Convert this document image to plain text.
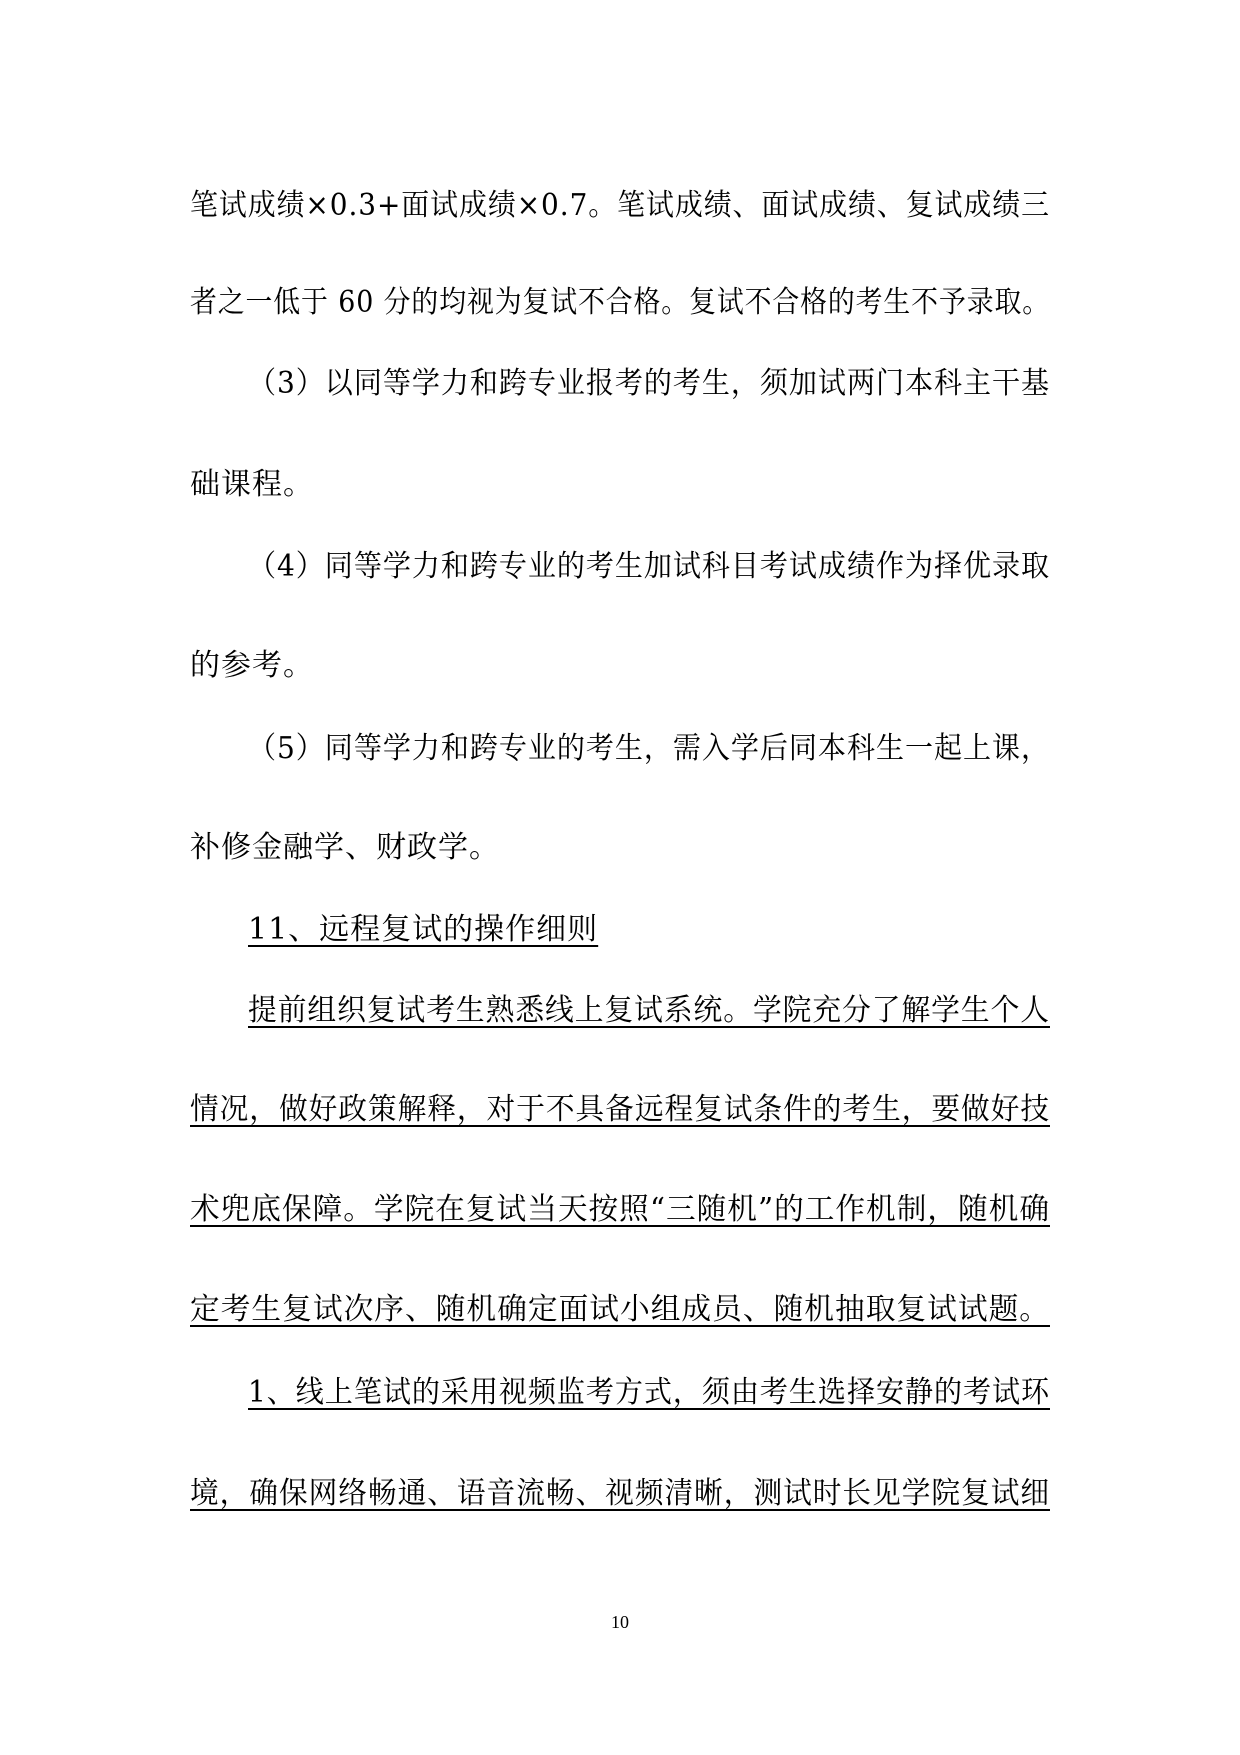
笔试成绩×0.3+面试成绩×0.7。笔试成绩、面试成绩、复试成绩三
者之一低于 60 分的均视为复试不合格。复试不合格的考生不予录取。
（3）以同等学力和跨专业报考的考生，须加试两门本科主干基
础课程。
（4）同等学力和跨专业的考生加试科目考试成绩作为择优录取
的参考。
（5）同等学力和跨专业的考生，需入学后同本科生一起上课，
补修金融学、财政学。
11、远程复试的操作细则
提前组织复试考生熟悉线上复试系统。学院充分了解学生个人
情况，做好政策解释，对于不具备远程复试条件的考生，要做好技
术兜底保障。学院在复试当天按照“三随机”的工作机制，随机确
定考生复试次序、随机确定面试小组成员、随机抽取复试试题。
1、线上笔试的采用视频监考方式，须由考生选择安静的考试环
境，确保网络畅通、语音流畅、视频清晰，测试时长见学院复试细
10
